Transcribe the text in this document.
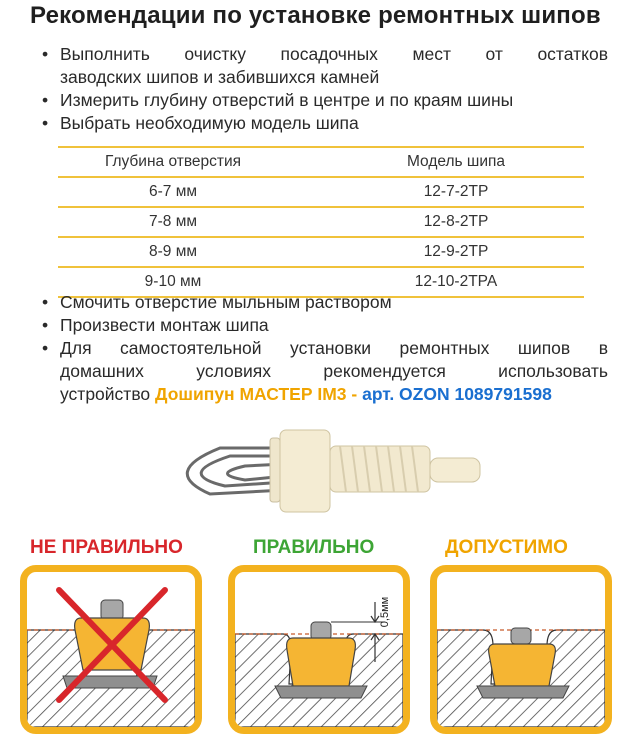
Рекомендации по установке ремонтных шипов
• Выполнить очистку посадочных мест от остатков
заводских шипов и забившихся камней
• Измерить глубину отверстий в центре и по краям шины
• Выбрать необходимую модель шипа
Глубина отверстия	Модель шипа
6-7 мм	12-7-2TP
7-8 мм	12-8-2TP
8-9 мм	12-9-2TP
9-10 мм	12-10-2TPA
• Смочить отверстие мыльным раствором
• Произвести монтаж шипа
• Для самостоятельной установки ремонтных шипов в
домашних условиях рекомендуется использовать
устройство Дошипун МАСТЕР IM3 - арт. OZON 1089791598
НЕ ПРАВИЛЬНО	ПРАВИЛЬНО	ДОПУСТИМО
0,5мм
